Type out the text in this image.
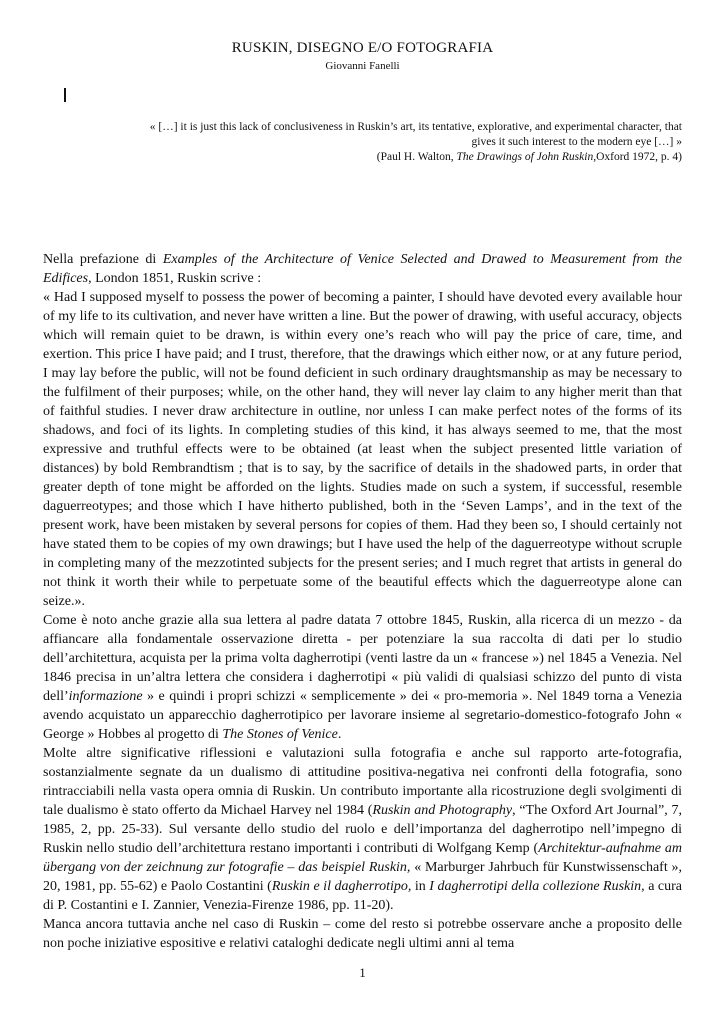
RUSKIN, DISEGNO E/O FOTOGRAFIA
Giovanni Fanelli

« […] it is just this lack of conclusiveness in Ruskin’s art, its tentative, explorative, and experimental character, that

gives it such interest to the modern eye […] »

(Paul H. Walton, The Drawings of John Ruskin,Oxford 1972, p. 4)

Nella prefazione di Examples of the Architecture of Venice Selected and Drawed to Measurement from the Edifices, London 1851, Ruskin scrive :

« Had I supposed myself to possess the power of becoming a painter, I should have devoted every available hour of my life to its cultivation, and never have written a line. But the power of drawing, with useful accuracy, objects which will remain quiet to be drawn, is within every one’s reach who will pay the price of care, time, and exertion. This price I have paid; and I trust, therefore, that the drawings which either now, or at any future period, I may lay before the public, will not be found deficient in such ordinary draughtsmanship as may be necessary to the fulfilment of their purposes; while, on the other hand, they will never lay claim to any higher merit than that of faithful studies. I never draw architecture in outline, nor unless I can make perfect notes of the forms of its shadows, and foci of its lights. In completing studies of this kind, it has always seemed to me, that the most expressive and truthful effects were to be obtained (at least when the subject presented little variation of distances) by bold Rembrandtism ; that is to say, by the sacrifice of details in the shadowed parts, in order that greater depth of tone might be afforded on the lights. Studies made on such a system, if successful, resemble daguerreotypes; and those which I have hitherto published, both in the ‘Seven Lamps’, and in the text of the present work, have been mistaken by several persons for copies of them. Had they been so, I should certainly not have stated them to be copies of my own drawings; but I have used the help of the daguerreotype without scruple in completing many of the mezzotinted subjects for the present series; and I much regret that artists in general do not think it worth their while to perpetuate some of the beautiful effects which the daguerreotype alone can seize.».

Come è noto anche grazie alla sua lettera al padre datata 7 ottobre 1845, Ruskin, alla ricerca di un mezzo - da affiancare alla fondamentale osservazione diretta - per potenziare la sua raccolta di dati per lo studio dell’architettura, acquista per la prima volta dagherrotipi (venti lastre da un « francese ») nel 1845 a Venezia. Nel 1846 precisa in un’altra lettera che considera i dagherrotipi « più validi di qualsiasi schizzo del punto di vista dell’informazione » e quindi i propri schizzi « semplicemente » dei « pro-memoria ». Nel 1849 torna a Venezia avendo acquistato un apparecchio dagherrotipico per lavorare insieme al segretario-domestico-fotografo John « George » Hobbes al progetto di The Stones of Venice.

Molte altre significative riflessioni e valutazioni sulla fotografia e anche sul rapporto arte-fotografia, sostanzialmente segnate da un dualismo di attitudine positiva-negativa nei confronti della fotografia, sono rintracciabili nella vasta opera omnia di Ruskin. Un contributo importante alla ricostruzione degli svolgimenti di tale dualismo è stato offerto da Michael Harvey nel 1984 (Ruskin and Photography, “The Oxford Art Journal”, 7, 1985, 2, pp. 25-33). Sul versante dello studio del ruolo e dell’importanza del dagherrotipo nell’impegno di Ruskin nello studio dell’architettura restano importanti i contributi di Wolfgang Kemp (Architektur-aufnahme am übergang von der zeichnung zur fotografie – das beispiel Ruskin, « Marburger Jahrbuch für Kunstwissenschaft », 20, 1981, pp. 55-62) e Paolo Costantini (Ruskin e il dagherrotipo, in I dagherrotipi della collezione Ruskin, a cura di P. Costantini e I. Zannier, Venezia-Firenze 1986, pp. 11-20).

Manca ancora tuttavia anche nel caso di Ruskin – come del resto si potrebbe osservare anche a proposito delle non poche iniziative espositive e relativi cataloghi dedicate negli ultimi anni al tema

1
